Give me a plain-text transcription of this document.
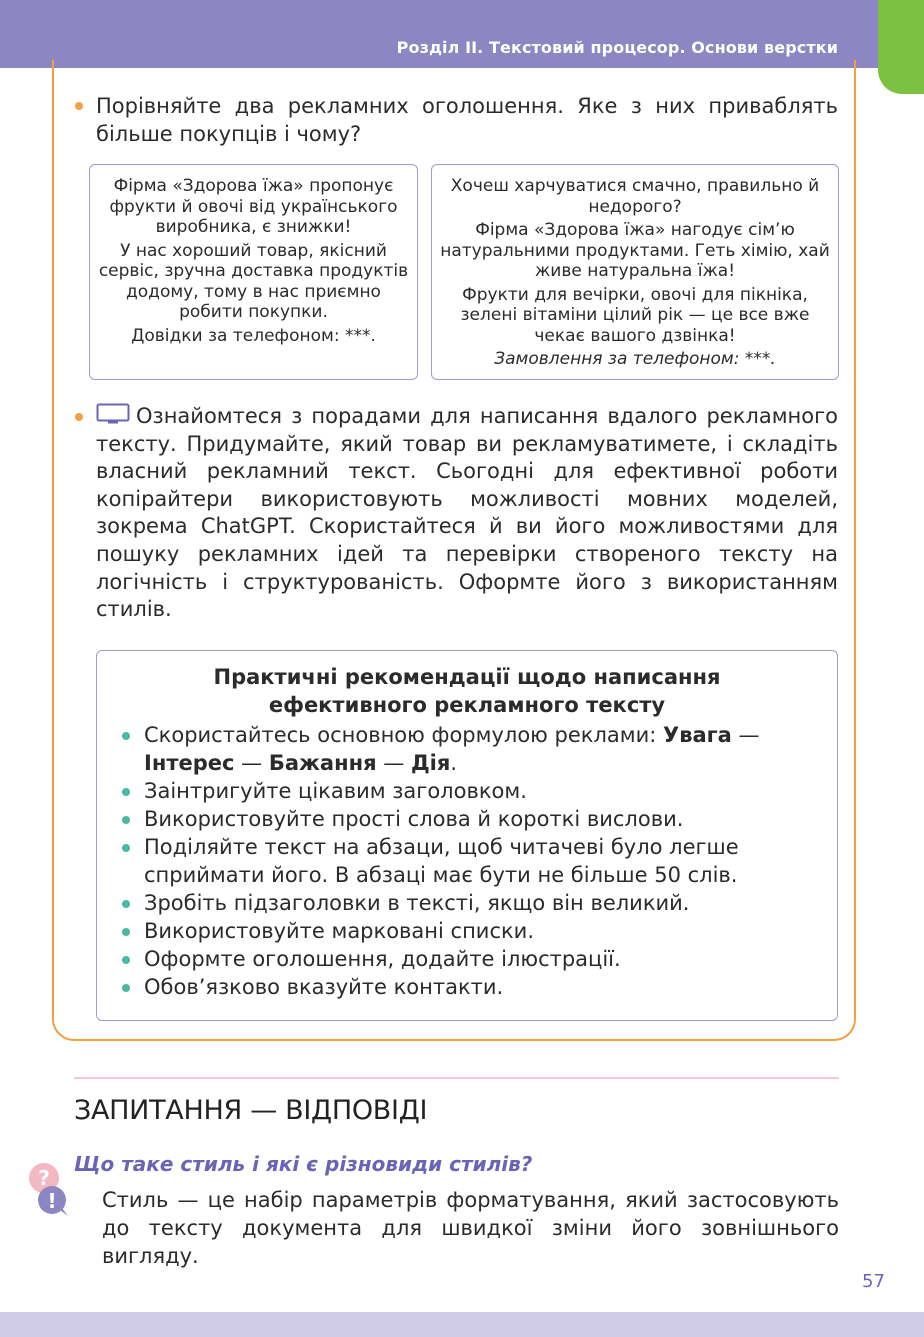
Розділ ІІ. Текстовий процесор. Основи верстки
Порівняйте два рекламних оголошення. Яке з них приваблять більше покупців і чому?

Фірма «Здорова їжа» пропонує фрукти й овочі від українського виробника, є знижки!

У нас хороший товар, якісний сервіс, зручна доставка продуктів додому, тому в нас приємно робити покупки.

Довідки за телефоном: ***.

Хочеш харчуватися смачно, правильно й недорого?

Фірма «Здорова їжа» нагодує сім’ю натуральними продуктами. Геть хімію, хай живе натуральна їжа!

Фрукти для вечірки, овочі для пікніка, зелені вітаміни цілий рік — це все вже чекає вашого дзвінка!

Замовлення за телефоном: ***.

Ознайомтеся з порадами для написання вдалого рекламного тексту. Придумайте, який товар ви рекламуватимете, і складіть власний рекламний текст. Сьогодні для ефективної роботи копірайтери використовують можливості мовних моделей, зокрема ChatGPT. Скористайтеся й ви його можливостями для пошуку рекламних ідей та перевірки створеного тексту на логічність і структурованість. Оформте його з використанням стилів.
Практичні рекомендації щодо написання
ефективного рекламного тексту
Скористайтесь основною формулою реклами: Увага — Інтерес — Бажання — Дія.
Заінтригуйте цікавим заголовком.
Використовуйте прості слова й короткі вислови.
Поділяйте текст на абзаци, щоб читачеві було легше сприймати його. В абзаці має бути не більше 50 слів.
Зробіть підзаголовки в тексті, якщо він великий.
Використовуйте марковані списки.
Оформте оголошення, додайте ілюстрації.
Обов’язково вказуйте контакти.
ЗАПИТАННЯ — ВІДПОВІДІ
?
!
Що таке стиль і які є різновиди стилів?
Стиль — це набір параметрів форматування, який застосовують до тексту документа для швидкої зміни його зовнішнього вигляду.
57
